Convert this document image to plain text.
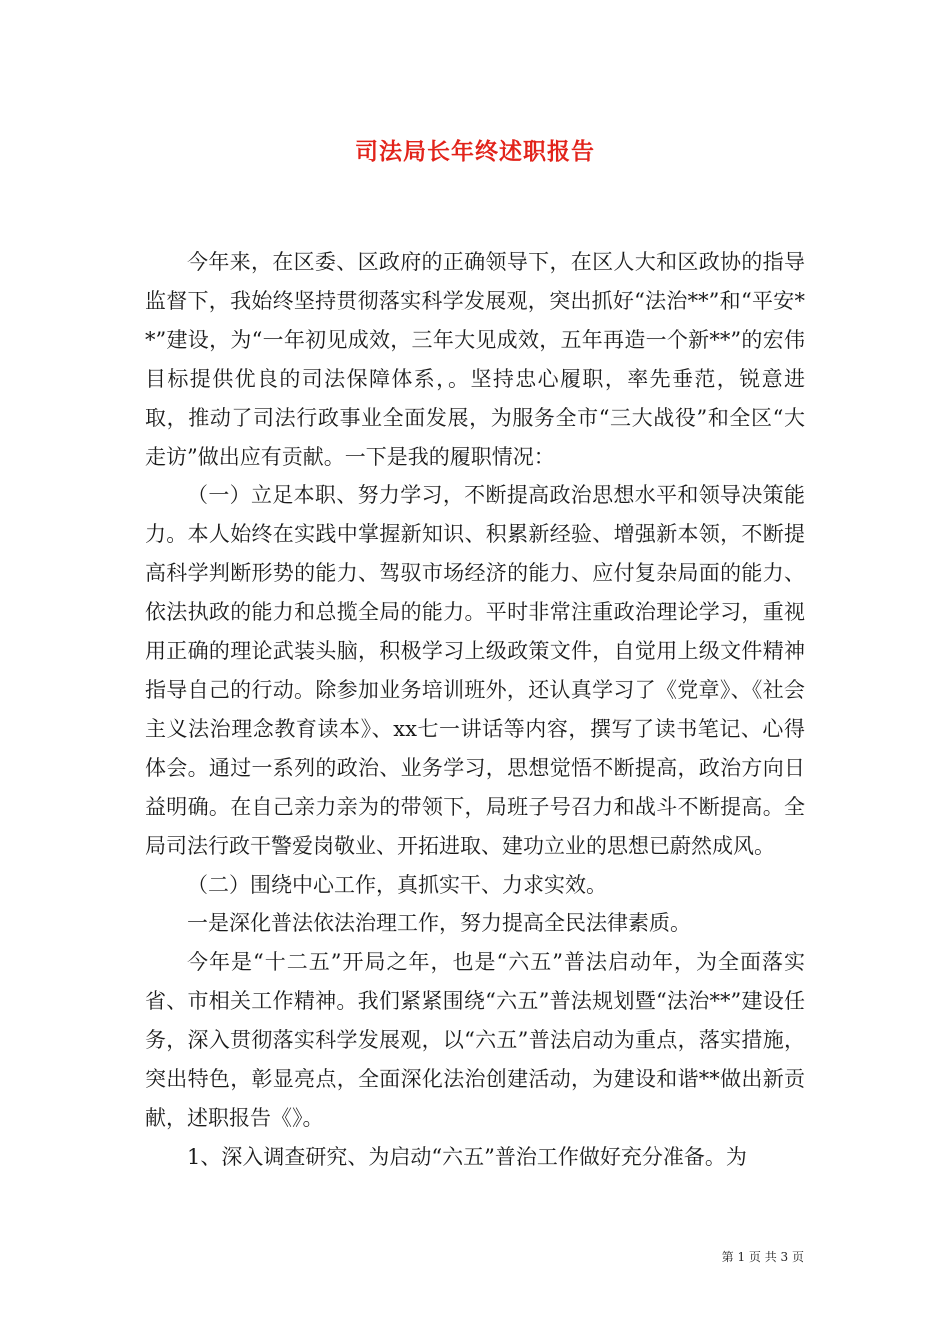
司法局长年终述职报告

今年来，在区委、区政府的正确领导下，在区人大和区政协的指导监督下，我始终坚持贯彻落实科学发展观，突出抓好“法治**”和“平安**”建设，为“一年初见成效，三年大见成效，五年再造一个新**”的宏伟目标提供优良的司法保障体系，。坚持忠心履职，率先垂范，锐意进取，推动了司法行政事业全面发展，为服务全市“三大战役”和全区“大走访”做出应有贡献。一下是我的履职情况：

（一）立足本职、努力学习，不断提高政治思想水平和领导决策能力。本人始终在实践中掌握新知识、积累新经验、增强新本领，不断提高科学判断形势的能力、驾驭市场经济的能力、应付复杂局面的能力、依法执政的能力和总揽全局的能力。平时非常注重政治理论学习，重视用正确的理论武装头脑，积极学习上级政策文件，自觉用上级文件精神指导自己的行动。除参加业务培训班外，还认真学习了《党章》、《社会主义法治理念教育读本》、xx七一讲话等内容，撰写了读书笔记、心得体会。通过一系列的政治、业务学习，思想觉悟不断提高，政治方向日益明确。在自己亲力亲为的带领下，局班子号召力和战斗不断提高。全局司法行政干警爱岗敬业、开拓进取、建功立业的思想已蔚然成风。

（二）围绕中心工作，真抓实干、力求实效。

一是深化普法依法治理工作，努力提高全民法律素质。

今年是“十二五”开局之年，也是“六五”普法启动年，为全面落实省、市相关工作精神。我们紧紧围绕“六五”普法规划暨“法治**”建设任务，深入贯彻落实科学发展观，以“六五”普法启动为重点，落实措施，突出特色，彰显亮点，全面深化法治创建活动，为建设和谐**做出新贡献，述职报告《》。

1、深入调查研究、为启动“六五”普治工作做好充分准备。为

第 1 页 共 3 页
